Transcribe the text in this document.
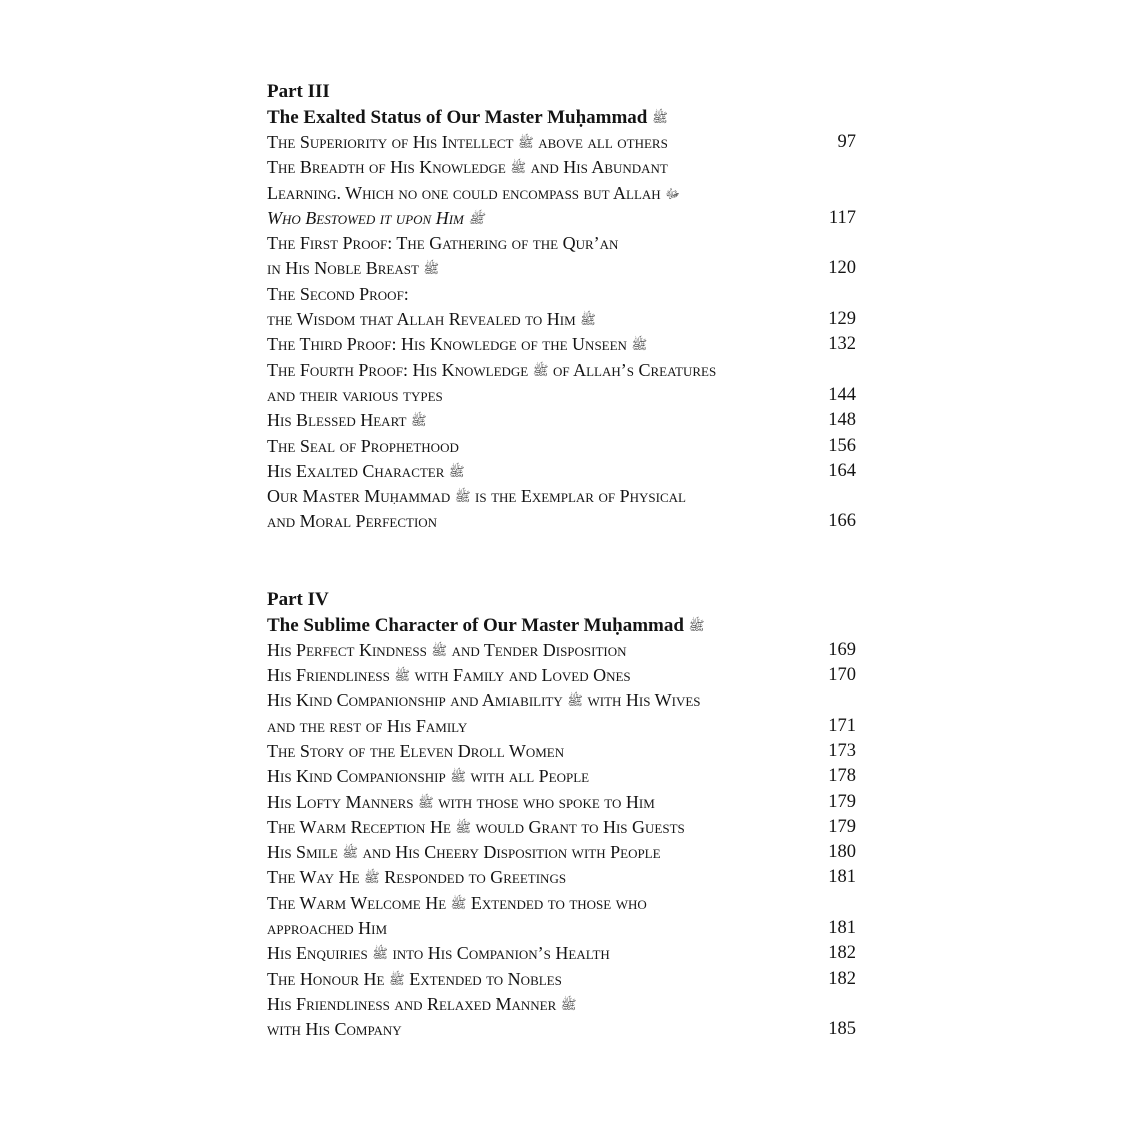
Part III
The Exalted Status of Our Master Muḥammad ﷺ
The Superiority of His Intellect ﷺ above all others	97
The Breadth of His Knowledge ﷺ and His Abundant
Learning. Which no one could encompass but Allah ﷻ
Who Bestowed it upon Him ﷺ	117
The First Proof: The Gathering of the Qur’an
in His Noble Breast ﷺ	120
The Second Proof:
the Wisdom that Allah Revealed to Him ﷺ	129
The Third Proof: His Knowledge of the Unseen ﷺ	132
The Fourth Proof: His Knowledge ﷺ of Allah’s Creatures
and their various types	144
His Blessed Heart ﷺ	148
The Seal of Prophethood	156
His Exalted Character ﷺ	164
Our Master Muḥammad ﷺ is the Exemplar of Physical
and Moral Perfection	166
Part IV
The Sublime Character of Our Master Muḥammad ﷺ
His Perfect Kindness ﷺ and Tender Disposition	169
His Friendliness ﷺ with Family and Loved Ones	170
His Kind Companionship and Amiability ﷺ with His Wives
and the rest of His Family	171
The Story of the Eleven Droll Women	173
His Kind Companionship ﷺ with all People	178
His Lofty Manners ﷺ with those who spoke to Him	179
The Warm Reception He ﷺ would Grant to His Guests	179
His Smile ﷺ and His Cheery Disposition with People	180
The Way He ﷺ Responded to Greetings	181
The Warm Welcome He ﷺ Extended to those who
approached Him	181
His Enquiries ﷺ into His Companion’s Health	182
The Honour He ﷺ Extended to Nobles	182
His Friendliness and Relaxed Manner ﷺ
with His Company	185
